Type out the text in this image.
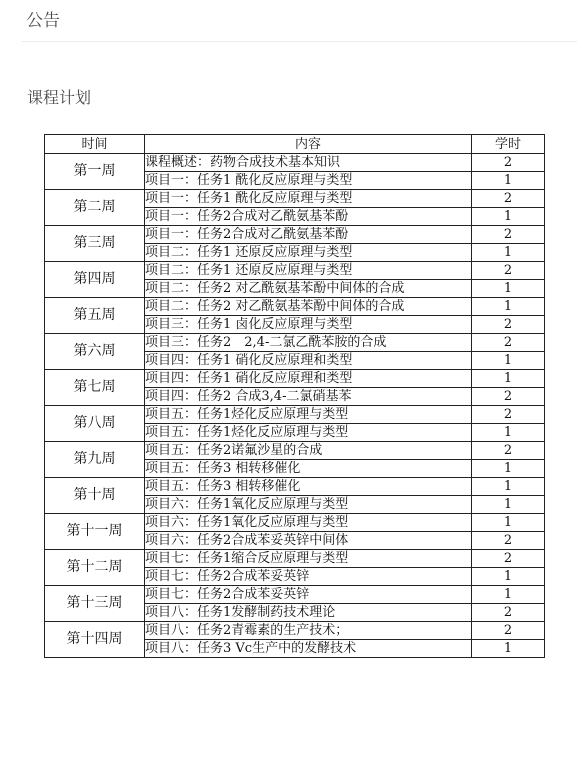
公告
课程计划
时间	内容	学时
第一周	课程概述：药物合成技术基本知识	2
	项目一：任务1 酰化反应原理与类型	1
第二周	项目一：任务1 酰化反应原理与类型	2
	项目一：任务2合成对乙酰氨基苯酚	1
第三周	项目一：任务2合成对乙酰氨基苯酚	2
	项目二：任务1 还原反应原理与类型	1
第四周	项目二：任务1 还原反应原理与类型	2
	项目二：任务2 对乙酰氨基苯酚中间体的合成	1
第五周	项目二：任务2 对乙酰氨基苯酚中间体的合成	1
	项目三：任务1 卤化反应原理与类型	2
第六周	项目三：任务2　2,4-二氯乙酰苯胺的合成	2
	项目四：任务1 硝化反应原理和类型	1
第七周	项目四：任务1 硝化反应原理和类型	1
	项目四：任务2 合成3,4-二氯硝基苯	2
第八周	项目五：任务1烃化反应原理与类型	2
	项目五：任务1烃化反应原理与类型	1
第九周	项目五：任务2诺氟沙星的合成	2
	项目五：任务3 相转移催化	1
第十周	项目五：任务3 相转移催化	1
	项目六：任务1氧化反应原理与类型	1
第十一周	项目六：任务1氧化反应原理与类型	1
	项目六：任务2合成苯妥英锌中间体	2
第十二周	项目七：任务1缩合反应原理与类型	2
	项目七：任务2合成苯妥英锌	1
第十三周	项目七：任务2合成苯妥英锌	1
	项目八：任务1发酵制药技术理论	2
第十四周	项目八：任务2青霉素的生产技术；	2
	项目八：任务3 Vc生产中的发酵技术	1
